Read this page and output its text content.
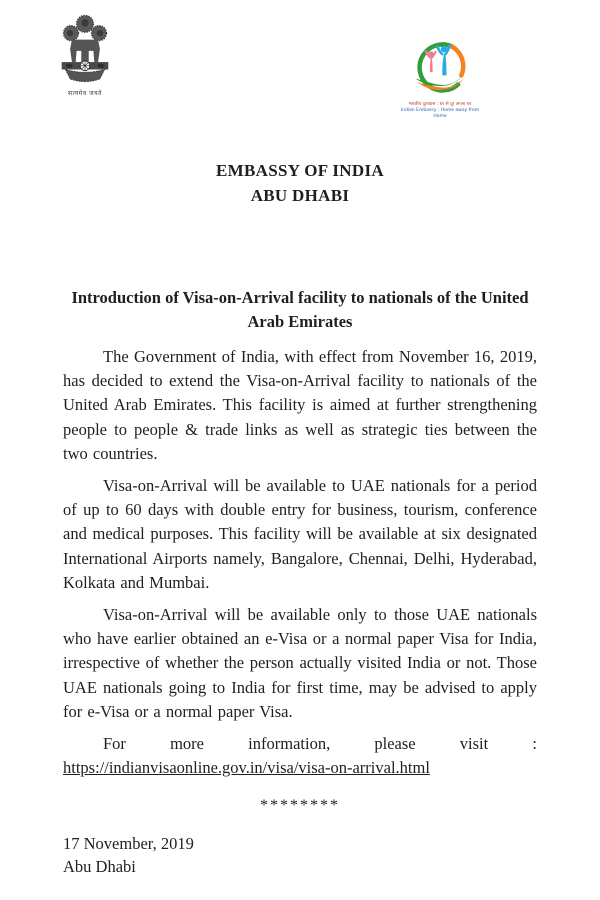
सत्यमेव जयते
भारतीय दूतावास : घर से दूर अपना घर
Indian Embassy : Home away from Home
EMBASSY OF INDIA
ABU DHABI
Introduction of Visa-on-Arrival facility to nationals of the United Arab Emirates

The Government of India, with effect from November 16, 2019, has decided to extend the Visa-on-Arrival facility to nationals of the United Arab Emirates. This facility is aimed at further strengthening people to people & trade links as well as strategic ties between the two countries.

Visa-on-Arrival will be available to UAE nationals for a period of up to 60 days with double entry for business, tourism, conference and medical purposes. This facility will be available at six designated International Airports namely, Bangalore, Chennai, Delhi, Hyderabad, Kolkata and Mumbai.

Visa-on-Arrival will be available only to those UAE nationals who have earlier obtained an e-Visa or a normal paper Visa for India, irrespective of whether the person actually visited India or not. Those UAE nationals going to India for first time, may be advised to apply for e-Visa or a normal paper Visa.

For more information, please visit :

https://indianvisaonline.gov.in/visa/visa-on-arrival.html
********
17 November, 2019
Abu Dhabi
